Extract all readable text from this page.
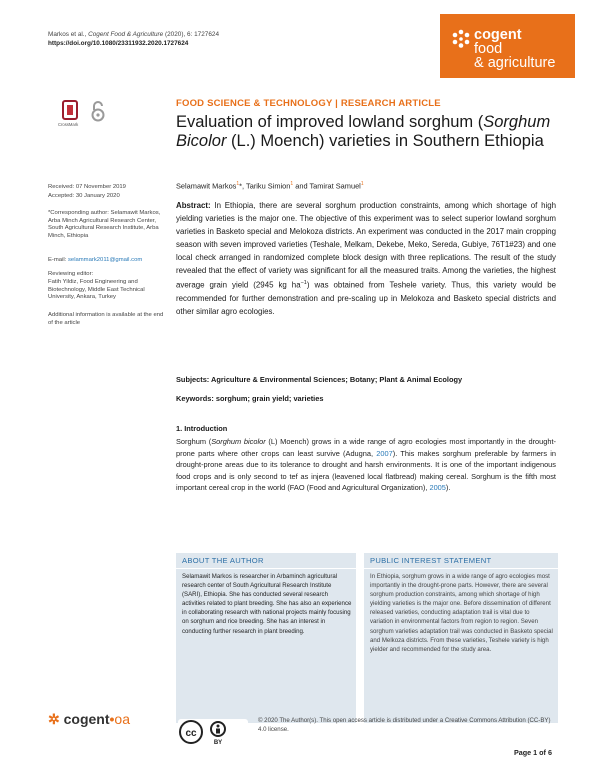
Markos et al., Cogent Food & Agriculture (2020), 6: 1727624
https://doi.org/10.1080/23311932.2020.1727624
cogent
food
& agriculture
CrossMark
FOOD SCIENCE & TECHNOLOGY | RESEARCH ARTICLE
Evaluation of improved lowland sorghum (Sorghum Bicolor (L.) Moench) varieties in Southern Ethiopia
Selamawit Markos$^1$*, Tariku Simion$^1$ and Tamirat Samuel$^1$
Received: 07 November 2019
Accepted: 30 January 2020
*Corresponding author: Selamawit Markos, Arba Minch Agricultural Research Center, South Agricultural Research Institute, Arba Minch, Ethiopia
E-mail: selammark2011@gmail.com
Reviewing editor:
Fatih Yildiz, Food Engineering and Biotechnology, Middle East Technical University, Ankara, Turkey
Additional information is available at the end of the article
Abstract: In Ethiopia, there are several sorghum production constraints, among which shortage of high yielding varieties is the major one. The objective of this experiment was to select superior lowland sorghum varieties in Basketo special and Melokoza districts. An experiment was conducted in the 2017 main cropping season with seven improved varieties (Teshale, Melkam, Dekebe, Meko, Sereda, Gubiye, 76T1#23) and one local check arranged in randomized complete block design with three replications. The result of the study revealed that the effect of variety was significant for all the measured traits. Among the varieties, the highest average grain yield (2945 kg $ha^{-1}$) was obtained from Teshele variety. Thus, this variety would be recommended for further demonstration and pre-scaling up in Melokoza and Basketo special districts and other similar agro ecologies.
Subjects: Agriculture & Environmental Sciences; Botany; Plant & Animal Ecology
Keywords: sorghum; grain yield; varieties
1. Introduction
Sorghum (Sorghum bicolor (L) Moench) grows in a wide range of agro ecologies most importantly in the drought-prone parts where other crops can least survive (Adugna, 2007). This makes sorghum preferable by farmers in drought-prone areas due to its tolerance to drought and harsh environments. It is one of the important indigenous food crops and is only second to tef as injera (leavened local flatbread) making cereal. Sorghum is the fifth most important cereal crop in the world (FAO (Food and Agricultural Organization), 2005).
ABOUT THE AUTHOR
Selamawit Markos is researcher in Arbaminch agricultural research center of South Agricultural Research Institute (SARI), Ethiopia. She has conducted several research activities related to plant breeding. She has also an experience in collaborating research with national projects mainly focusing on sorghum and rice breeding. She has an interest in conducting further research in plant breeding.
PUBLIC INTEREST STATEMENT
In Ethiopia, sorghum grows in a wide range of agro ecologies most importantly in the drought-prone parts. However, there are several sorghum production constraints, among which shortage of high yielding varieties is the major one. Before dissemination of different released varieties, conducting adaptation trail is vital due to variation in environmental factors from region to region. Seven sorghum varieties adaptation trail was conducted in Basketo special and Melkoza districts. From these varieties, Teshele variety is high yielder and recommended for the study area.
✲ cogent•oa
cc
BY
© 2020 The Author(s). This open access article is distributed under a Creative Commons Attribution (CC-BY) 4.0 license.
Page 1 of 6
